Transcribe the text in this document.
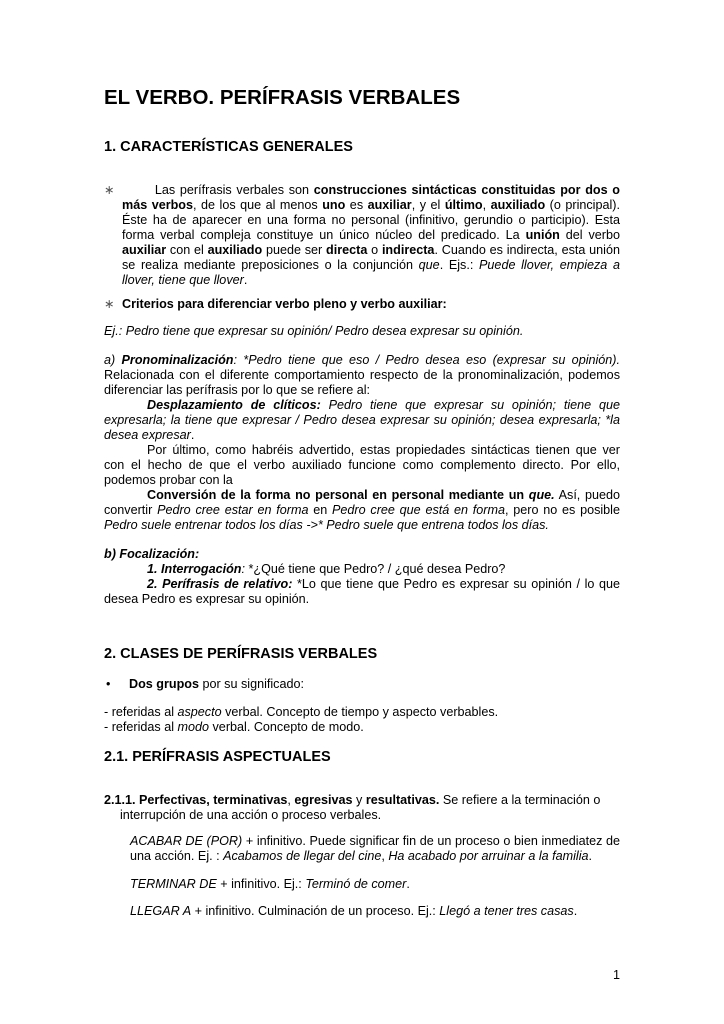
EL VERBO. PERÍFRASIS VERBALES
1. CARACTERÍSTICAS GENERALES
∗ Las perífrasis verbales son construcciones sintácticas constituidas por dos o más verbos, de los que al menos uno es auxiliar, y el último, auxiliado (o principal). Éste ha de aparecer en una forma no personal (infinitivo, gerundio o participio). Esta forma verbal compleja constituye un único núcleo del predicado. La unión del verbo auxiliar con el auxiliado puede ser directa o indirecta. Cuando es indirecta, esta unión se realiza mediante preposiciones o la conjunción que. Ejs.: Puede llover, empieza a llover, tiene que llover.
∗ Criterios para diferenciar verbo pleno y verbo auxiliar:
Ej.: Pedro tiene que expresar su opinión/ Pedro desea expresar su opinión.
a) Pronominalización: *Pedro tiene que eso / Pedro desea eso (expresar su opinión). Relacionada con el diferente comportamiento respecto de la pronominalización, podemos diferenciar las perífrasis por lo que se refiere al:
Desplazamiento de clíticos: Pedro tiene que expresar su opinión; tiene que expresarla; la tiene que expresar / Pedro desea expresar su opinión; desea expresarla; *la desea expresar.
Por último, como habréis advertido, estas propiedades sintácticas tienen que ver con el hecho de que el verbo auxiliado funcione como complemento directo. Por ello, podemos probar con la
Conversión de la forma no personal en personal mediante un que. Así, puedo convertir Pedro cree estar en forma en Pedro cree que está en forma, pero no es posible Pedro suele entrenar todos los días ->* Pedro suele que entrena todos los días.
b) Focalización:
1. Interrogación: *¿Qué tiene que Pedro? / ¿qué desea Pedro?
2. Perífrasis de relativo: *Lo que tiene que Pedro es expresar su opinión / lo que desea Pedro es expresar su opinión.
2. CLASES DE PERÍFRASIS VERBALES
•	Dos grupos por su significado:
- referidas al aspecto verbal. Concepto de tiempo y aspecto verbables.
- referidas al modo verbal. Concepto de modo.
2.1. PERÍFRASIS ASPECTUALES
2.1.1. Perfectivas, terminativas, egresivas y resultativas. Se refiere a la terminación o interrupción de una acción o proceso verbales.
ACABAR DE (POR) + infinitivo. Puede significar fin de un proceso o bien inmediatez de una acción. Ej. : Acabamos de llegar del cine, Ha acabado por arruinar a la familia.
TERMINAR DE + infinitivo. Ej.: Terminó de comer.
LLEGAR A + infinitivo. Culminación de un proceso. Ej.: Llegó a tener tres casas.
1
